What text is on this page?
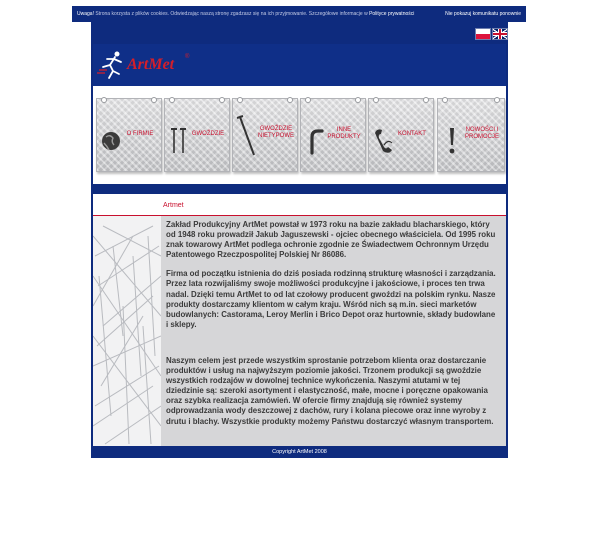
Uwaga! Strona korzysta z plików cookies. Odwiedzając naszą stronę zgadzasz się na ich przyjmowanie. Szczegółowe informacje w Polityce prywatności	Nie pokazuj komunikatu ponownie
ArtMet ®
O FIRMIE	GWOŹDZIE
GWOŹDZIE NIETYPOWE
INNE PRODUKTY	KONTAKT
NOWOŚCI I PROMOCJE
Artmet

Zakład Produkcyjny ArtMet powstał w 1973 roku na bazie zakładu blacharskiego, który od 1948 roku prowadził Jakub Jaguszewski - ojciec obecnego właściciela. Od 1995 roku znak towarowy ArtMet podlega ochronie zgodnie ze Świadectwem Ochronnym Urzędu Patentowego Rzeczpospolitej Polskiej Nr 86086.

Firma od początku istnienia do dziś posiada rodzinną strukturę własności i zarządzania. Przez lata rozwijaliśmy swoje możliwości produkcyjne i jakościowe, i proces ten trwa nadal. Dzięki temu ArtMet to od lat czołowy producent gwoździ na polskim rynku. Nasze produkty dostarczamy klientom w całym kraju. Wśród nich są m.in. sieci marketów budowlanych: Castorama, Leroy Merlin i Brico Depot oraz hurtownie, składy budowlane i sklepy.

Naszym celem jest przede wszystkim sprostanie potrzebom klienta oraz dostarczanie produktów i usług na najwyższym poziomie jakości. Trzonem produkcji są gwoździe wszystkich rodzajów w dowolnej technice wykończenia. Naszymi atutami w tej dziedzinie są: szeroki asortyment i elastyczność, małe, mocne i poręczne opakowania oraz szybka realizacja zamówień. W ofercie firmy znajdują się również systemy odprowadzania wody deszczowej z dachów, rury i kolana piecowe oraz inne wyroby z drutu i blachy. Wszystkie produkty możemy Państwu dostarczyć własnym transportem.

Copyright ArtMet 2008
